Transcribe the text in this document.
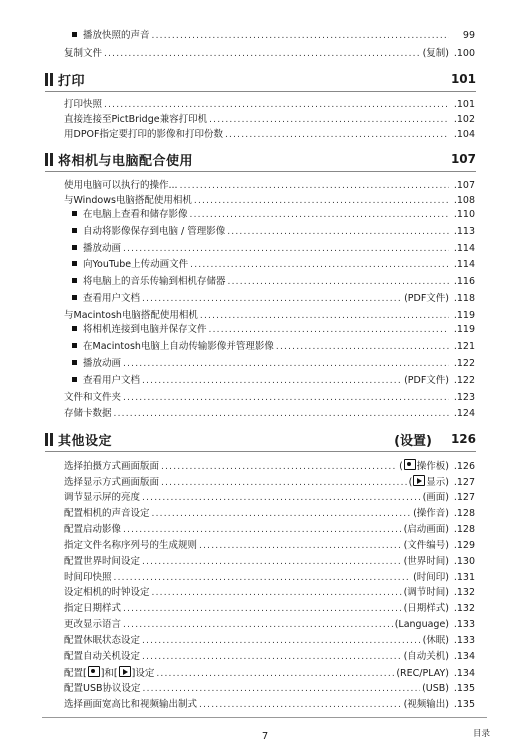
播放快照的声音 .....	99
复制文件 .....	(复制) .100
打印	101
打印快照 .....	.101
直接连接至PictBridge兼容打印机 .....	.102
用DPOF指定要打印的影像和打印份数 .....	.104
将相机与电脑配合使用	107
使用电脑可以执行的操作... .....	.107
与Windows电脑搭配使用相机 .....	.108
在电脑上查看和储存影像 .....	.110
自动将影像保存到电脑 / 管理影像 .....	.113
播放动画 .....	.114
向YouTube上传动画文件 .....	.114
将电脑上的音乐传输到相机存储器 .....	.116
查看用户文档 .....	(PDF文件) .118
与Macintosh电脑搭配使用相机 .....	.119
将相机连接到电脑并保存文件 .....	.119
在Macintosh电脑上自动传输影像并管理影像 .....	.121
播放动画 .....	.122
查看用户文档 .....	(PDF文件) .122
文件和文件夹 .....	.123
存储卡数据 .....	.124
其他设定	(设置)	126
选择拍摄方式画面版面 .....	( 操作板) .126
选择显示方式画面版面 .....	( 显示) .127
调节显示屏的亮度 .....	(画面) .127
配置相机的声音设定 .....	(操作音) .128
配置启动影像 .....	(启动画面) .128
指定文件名称序列号的生成规则 .....	(文件编号) .129
配置世界时间设定 .....	(世界时间) .130
时间印快照 .....	(时间印) .131
设定相机的时钟设定 .....	(调节时间) .132
指定日期样式 .....	(日期样式) .132
更改显示语言 .....	(Language) .133
配置休眠状态设定 .....	(休眠) .133
配置自动关机设定 .....	(自动关机) .134
配置[ ]和[ ]设定 .....	(REC/PLAY) .134
配置USB协议设定 .....	(USB) .135
选择画面宽高比和视频输出制式 .....	(视频输出) .135
7	目录
